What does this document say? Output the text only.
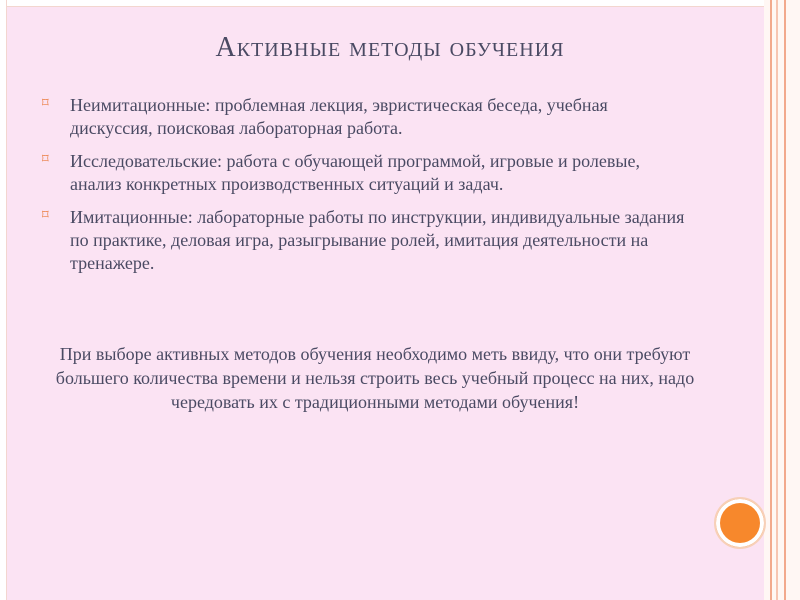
Активные методы обучения
⌑
Неимитационные: проблемная лекция, эвристическая беседа, учебная дискуссия, поисковая лабораторная работа.
⌑
Исследовательские: работа с обучающей программой, игровые и ролевые, анализ конкретных производственных ситуаций и задач.
⌑
Имитационные: лабораторные работы по инструкции, индивидуальные задания по практике, деловая игра, разыгрывание ролей, имитация деятельности на тренажере.
При выборе активных методов обучения необходимо меть ввиду, что они требуют большего количества времени и нельзя строить весь учебный процесс на них, надо чередовать их с традиционными методами обучения!
